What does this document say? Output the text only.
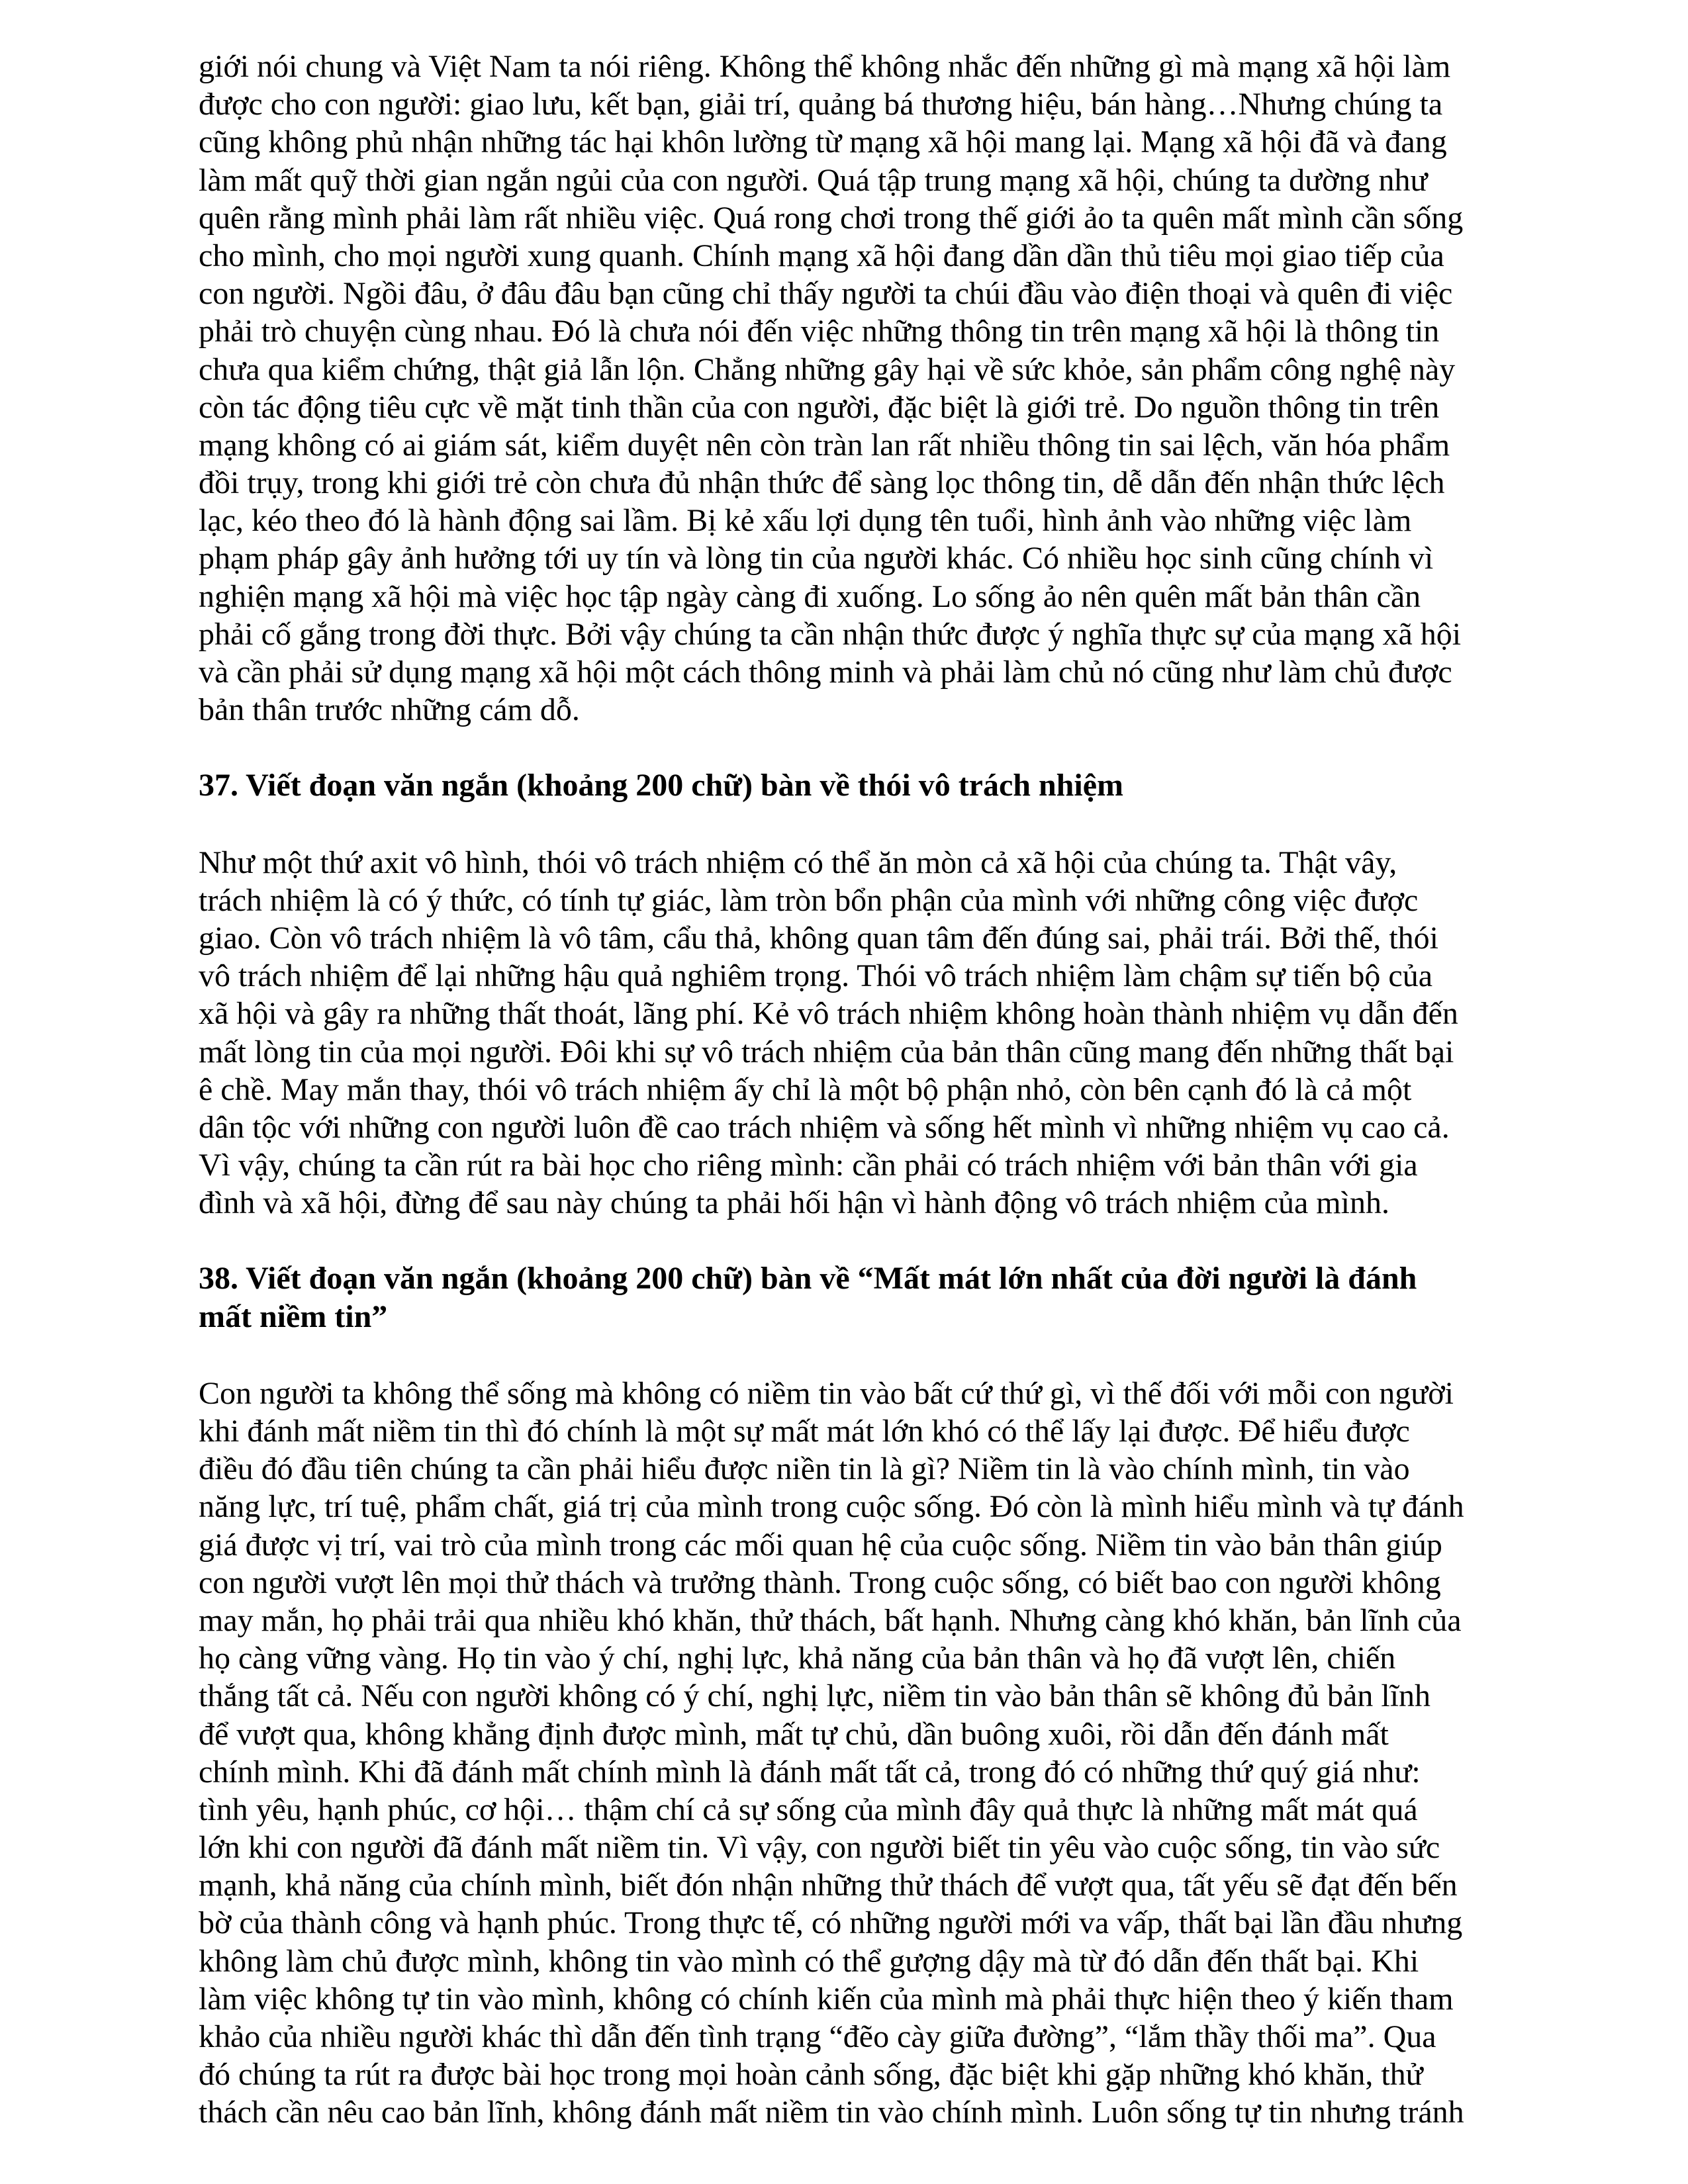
giới nói chung và Việt Nam ta nói riêng. Không thể không nhắc đến những gì mà mạng xã hội làm
được cho con người: giao lưu, kết bạn, giải trí, quảng bá thương hiệu, bán hàng…Nhưng chúng ta
cũng không phủ nhận những tác hại khôn lường từ mạng xã hội mang lại. Mạng xã hội đã và đang
làm mất quỹ thời gian ngắn ngủi của con người. Quá tập trung mạng xã hội, chúng ta dường như
quên rằng mình phải làm rất nhiều việc. Quá rong chơi trong thế giới ảo ta quên mất mình cần sống
cho mình, cho mọi người xung quanh. Chính mạng xã hội đang dần dần thủ tiêu mọi giao tiếp của
con người. Ngồi đâu, ở đâu đâu bạn cũng chỉ thấy người ta chúi đầu vào điện thoại và quên đi việc
phải trò chuyện cùng nhau. Đó là chưa nói đến việc những thông tin trên mạng xã hội là thông tin
chưa qua kiểm chứng, thật giả lẫn lộn. Chẳng những gây hại về sức khỏe, sản phẩm công nghệ này
còn tác động tiêu cực về mặt tinh thần của con người, đặc biệt là giới trẻ. Do nguồn thông tin trên
mạng không có ai giám sát, kiểm duyệt nên còn tràn lan rất nhiều thông tin sai lệch, văn hóa phẩm
đồi trụy, trong khi giới trẻ còn chưa đủ nhận thức để sàng lọc thông tin, dễ dẫn đến nhận thức lệch
lạc, kéo theo đó là hành động sai lầm. Bị kẻ xấu lợi dụng tên tuổi, hình ảnh vào những việc làm
phạm pháp gây ảnh hưởng tới uy tín và lòng tin của người khác. Có nhiều học sinh cũng chính vì
nghiện mạng xã hội mà việc học tập ngày càng đi xuống. Lo sống ảo nên quên mất bản thân cần
phải cố gắng trong đời thực. Bởi vậy chúng ta cần nhận thức được ý nghĩa thực sự của mạng xã hội
và cần phải sử dụng mạng xã hội một cách thông minh và phải làm chủ nó cũng như làm chủ được
bản thân trước những cám dỗ.
37. Viết đoạn văn ngắn (khoảng 200 chữ) bàn về thói vô trách nhiệm
Như một thứ axit vô hình, thói vô trách nhiệm có thể ăn mòn cả xã hội của chúng ta. Thật vây,
trách nhiệm là có ý thức, có tính tự giác, làm tròn bổn phận của mình với những công việc được
giao. Còn vô trách nhiệm là vô tâm, cẩu thả, không quan tâm đến đúng sai, phải trái. Bởi thế, thói
vô trách nhiệm để lại những hậu quả nghiêm trọng. Thói vô trách nhiệm làm chậm sự tiến bộ của
xã hội và gây ra những thất thoát, lãng phí. Kẻ vô trách nhiệm không hoàn thành nhiệm vụ dẫn đến
mất lòng tin của mọi người. Đôi khi sự vô trách nhiệm của bản thân cũng mang đến những thất bại
ê chề. May mắn thay, thói vô trách nhiệm ấy chỉ là một bộ phận nhỏ, còn bên cạnh đó là cả một
dân tộc với những con người luôn đề cao trách nhiệm và sống hết mình vì những nhiệm vụ cao cả.
Vì vậy, chúng ta cần rút ra bài học cho riêng mình: cần phải có trách nhiệm với bản thân với gia
đình và xã hội, đừng để sau này chúng ta phải hối hận vì hành động vô trách nhiệm của mình.
38. Viết đoạn văn ngắn (khoảng 200 chữ) bàn về “Mất mát lớn nhất của đời người là đánh
mất niềm tin”
Con người ta không thể sống mà không có niềm tin vào bất cứ thứ gì, vì thế đối với mỗi con người
khi đánh mất niềm tin thì đó chính là một sự mất mát lớn khó có thể lấy lại được. Để hiểu được
điều đó đầu tiên chúng ta cần phải hiểu được niền tin là gì? Niềm tin là vào chính mình, tin vào
năng lực, trí tuệ, phẩm chất, giá trị của mình trong cuộc sống. Đó còn là mình hiểu mình và tự đánh
giá được vị trí, vai trò của mình trong các mối quan hệ của cuộc sống. Niềm tin vào bản thân giúp
con người vượt lên mọi thử thách và trưởng thành. Trong cuộc sống, có biết bao con người không
may mắn, họ phải trải qua nhiều khó khăn, thử thách, bất hạnh. Nhưng càng khó khăn, bản lĩnh của
họ càng vững vàng. Họ tin vào ý chí, nghị lực, khả năng của bản thân và họ đã vượt lên, chiến
thắng tất cả. Nếu con người không có ý chí, nghị lực, niềm tin vào bản thân sẽ không đủ bản lĩnh
để vượt qua, không khẳng định được mình, mất tự chủ, dần buông xuôi, rồi dẫn đến đánh mất
chính mình. Khi đã đánh mất chính mình là đánh mất tất cả, trong đó có những thứ quý giá như:
tình yêu, hạnh phúc, cơ hội… thậm chí cả sự sống của mình đây quả thực là những mất mát quá
lớn khi con người đã đánh mất niềm tin. Vì vậy, con người biết tin yêu vào cuộc sống, tin vào sức
mạnh, khả năng của chính mình, biết đón nhận những thử thách để vượt qua, tất yếu sẽ đạt đến bến
bờ của thành công và hạnh phúc. Trong thực tế, có những người mới va vấp, thất bại lần đầu nhưng
không làm chủ được mình, không tin vào mình có thể gượng dậy mà từ đó dẫn đến thất bại. Khi
làm việc không tự tin vào mình, không có chính kiến của mình mà phải thực hiện theo ý kiến tham
khảo của nhiều người khác thì dẫn đến tình trạng “đẽo cày giữa đường”, “lắm thầy thối ma”. Qua
đó chúng ta rút ra được bài học trong mọi hoàn cảnh sống, đặc biệt khi gặp những khó khăn, thử
thách cần nêu cao bản lĩnh, không đánh mất niềm tin vào chính mình. Luôn sống tự tin nhưng tránh
